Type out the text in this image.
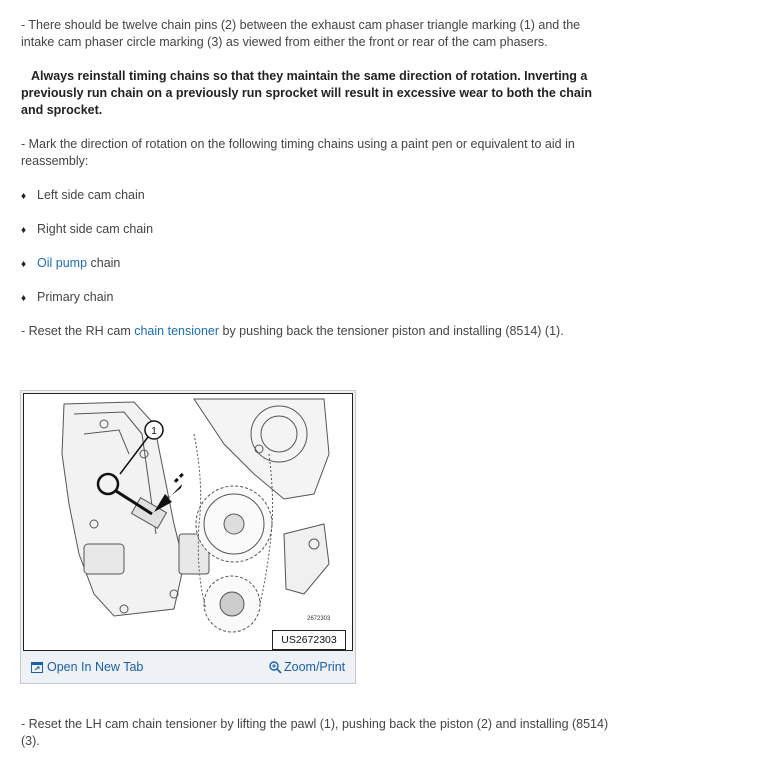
- There should be twelve chain pins (2) between the exhaust cam phaser triangle marking (1) and the intake cam phaser circle marking (3) as viewed from either the front or rear of the cam phasers.
Always reinstall timing chains so that they maintain the same direction of rotation. Inverting a previously run chain on a previously run sprocket will result in excessive wear to both the chain and sprocket.
- Mark the direction of rotation on the following timing chains using a paint pen or equivalent to aid in reassembly:
♦ Left side cam chain
♦ Right side cam chain
♦ Oil pump chain
♦ Primary chain
- Reset the RH cam chain tensioner by pushing back the tensioner piston and installing (8514) (1).
1
2672303
US2672303
Open In New Tab	Zoom/Print
- Reset the LH cam chain tensioner by lifting the pawl (1), pushing back the piston (2) and installing (8514) (3).
